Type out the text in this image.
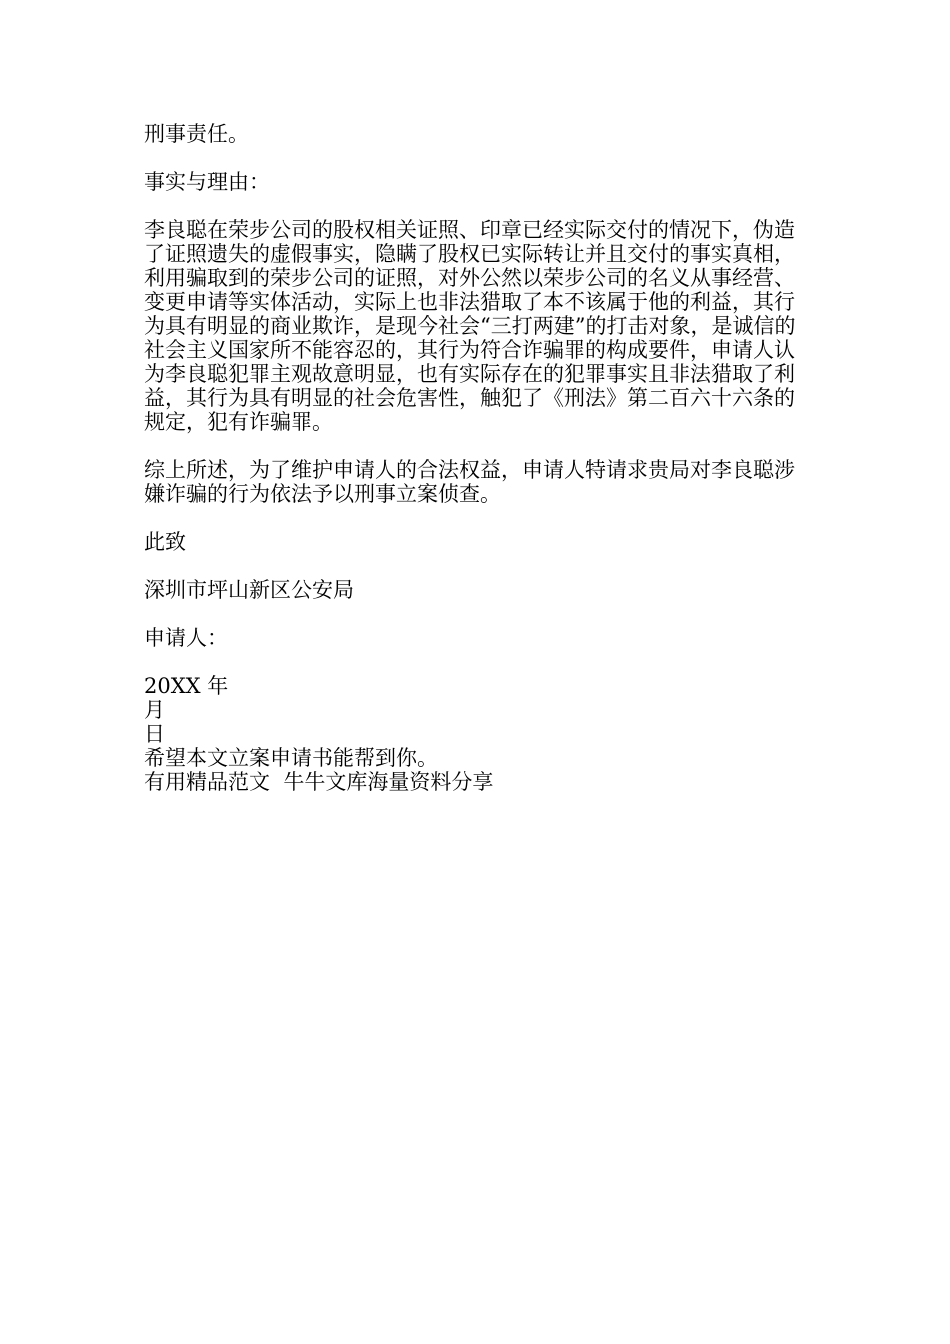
刑事责任。

事实与理由：

李良聪在荣步公司的股权相关证照、印章已经实际交付的情况下，伪造了证照遗失的虚假事实，隐瞒了股权已实际转让并且交付的事实真相，利用骗取到的荣步公司的证照，对外公然以荣步公司的名义从事经营、变更申请等实体活动，实际上也非法猎取了本不该属于他的利益，其行为具有明显的商业欺诈，是现今社会“三打两建”的打击对象，是诚信的社会主义国家所不能容忍的，其行为符合诈骗罪的构成要件，申请人认为李良聪犯罪主观故意明显，也有实际存在的犯罪事实且非法猎取了利益，其行为具有明显的社会危害性，触犯了《刑法》第二百六十六条的规定，犯有诈骗罪。

综上所述，为了维护申请人的合法权益，申请人特请求贵局对李良聪涉嫌诈骗的行为依法予以刑事立案侦查。

此致

深圳市坪山新区公安局

申请人：

20XX 年
月
日
希望本文立案申请书能帮到你。
有用精品范文  牛牛文库海量资料分享
